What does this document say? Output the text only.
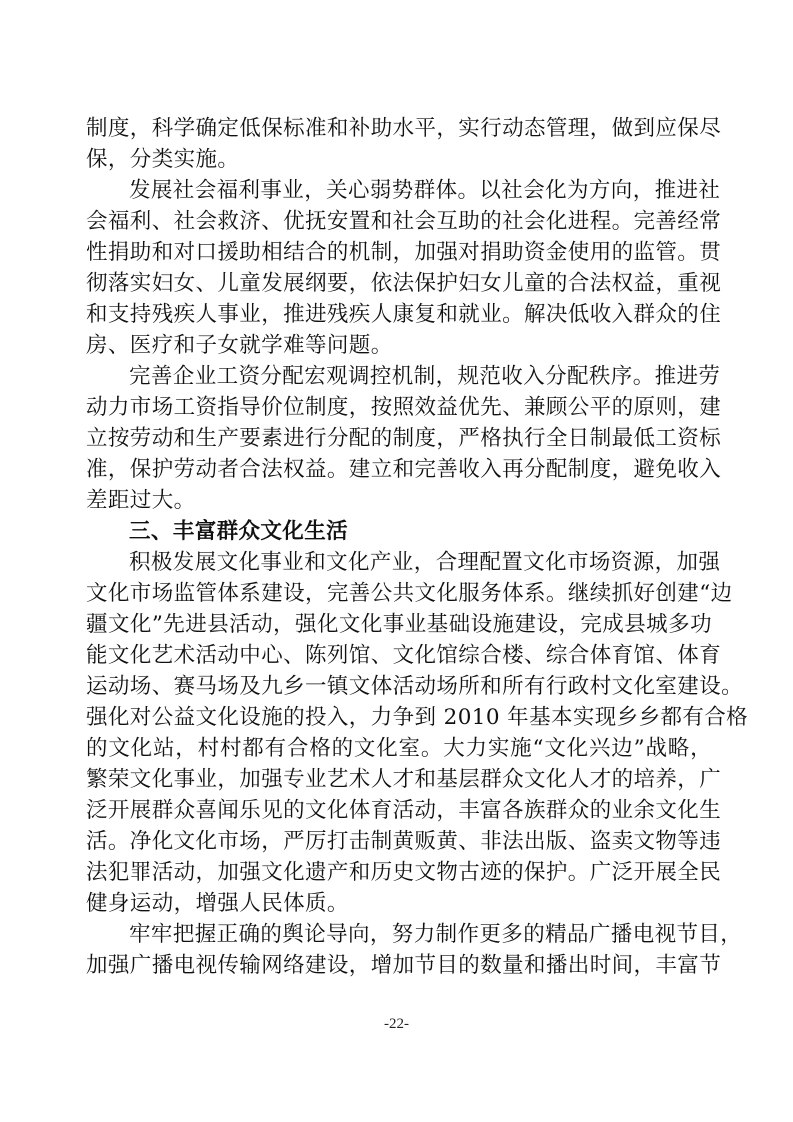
制度，科学确定低保标准和补助水平，实行动态管理，做到应保尽
保，分类实施。
发展社会福利事业，关心弱势群体。以社会化为方向，推进社
会福利、社会救济、优抚安置和社会互助的社会化进程。完善经常
性捐助和对口援助相结合的机制，加强对捐助资金使用的监管。贯
彻落实妇女、儿童发展纲要，依法保护妇女儿童的合法权益，重视
和支持残疾人事业，推进残疾人康复和就业。解决低收入群众的住
房、医疗和子女就学难等问题。
完善企业工资分配宏观调控机制，规范收入分配秩序。推进劳
动力市场工资指导价位制度，按照效益优先、兼顾公平的原则，建
立按劳动和生产要素进行分配的制度，严格执行全日制最低工资标
准，保护劳动者合法权益。建立和完善收入再分配制度，避免收入
差距过大。
三、丰富群众文化生活
积极发展文化事业和文化产业，合理配置文化市场资源，加强
文化市场监管体系建设，完善公共文化服务体系。继续抓好创建“边
疆文化”先进县活动，强化文化事业基础设施建设，完成县城多功
能文化艺术活动中心、陈列馆、文化馆综合楼、综合体育馆、体育
运动场、赛马场及九乡一镇文体活动场所和所有行政村文化室建设。
强化对公益文化设施的投入，力争到 2010 年基本实现乡乡都有合格
的文化站，村村都有合格的文化室。大力实施“文化兴边”战略，
繁荣文化事业，加强专业艺术人才和基层群众文化人才的培养，广
泛开展群众喜闻乐见的文化体育活动，丰富各族群众的业余文化生
活。净化文化市场，严厉打击制黄贩黄、非法出版、盗卖文物等违
法犯罪活动，加强文化遗产和历史文物古迹的保护。广泛开展全民
健身运动，增强人民体质。
牢牢把握正确的舆论导向，努力制作更多的精品广播电视节目，
加强广播电视传输网络建设，增加节目的数量和播出时间，丰富节
-22-
